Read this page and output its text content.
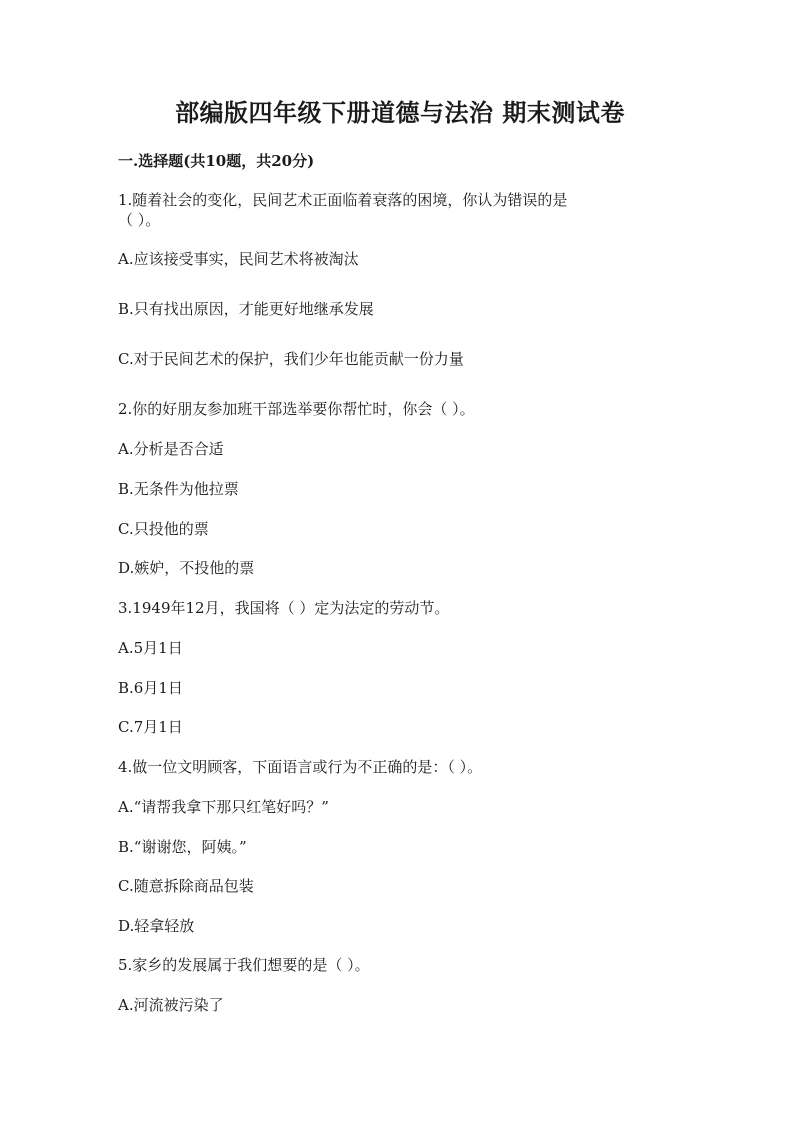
部编版四年级下册道德与法治 期末测试卷
一.选择题(共10题，共20分)
1.随着社会的变化，民间艺术正面临着衰落的困境，你认为错误的是
（ ）。
A.应该接受事实，民间艺术将被淘汰
B.只有找出原因，才能更好地继承发展
C.对于民间艺术的保护，我们少年也能贡献一份力量
2.你的好朋友参加班干部选举要你帮忙时，你会（ ）。
A.分析是否合适
B.无条件为他拉票
C.只投他的票
D.嫉妒，不投他的票
3.1949年12月，我国将（ ）定为法定的劳动节。
A.5月1日
B.6月1日
C.7月1日
4.做一位文明顾客，下面语言或行为不正确的是：（ ）。
A.“请帮我拿下那只红笔好吗？”
B.“谢谢您，阿姨。”
C.随意拆除商品包装
D.轻拿轻放
5.家乡的发展属于我们想要的是（ ）。
A.河流被污染了
